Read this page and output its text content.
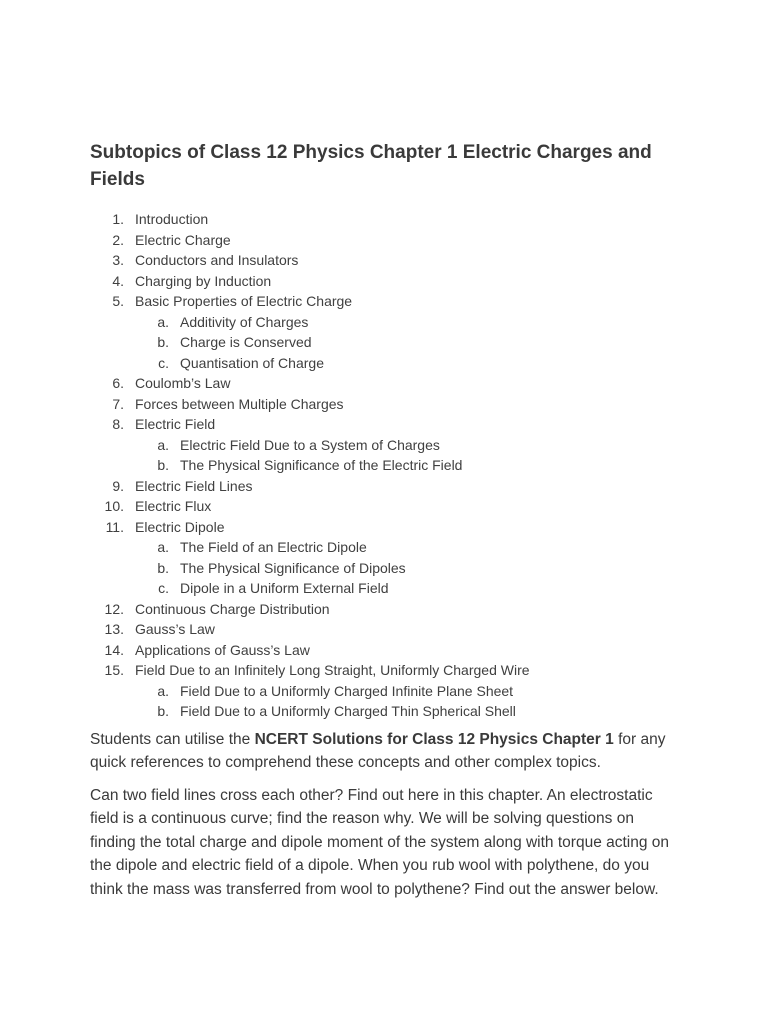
Subtopics of Class 12 Physics Chapter 1 Electric Charges and Fields
1. Introduction
2. Electric Charge
3. Conductors and Insulators
4. Charging by Induction
5. Basic Properties of Electric Charge
a. Additivity of Charges
b. Charge is Conserved
c. Quantisation of Charge
6. Coulomb’s Law
7. Forces between Multiple Charges
8. Electric Field
a. Electric Field Due to a System of Charges
b. The Physical Significance of the Electric Field
9. Electric Field Lines
10. Electric Flux
11. Electric Dipole
a. The Field of an Electric Dipole
b. The Physical Significance of Dipoles
c. Dipole in a Uniform External Field
12. Continuous Charge Distribution
13. Gauss’s Law
14. Applications of Gauss’s Law
15. Field Due to an Infinitely Long Straight, Uniformly Charged Wire
a. Field Due to a Uniformly Charged Infinite Plane Sheet
b. Field Due to a Uniformly Charged Thin Spherical Shell

Students can utilise the NCERT Solutions for Class 12 Physics Chapter 1 for any quick references to comprehend these concepts and other complex topics.

Can two field lines cross each other? Find out here in this chapter. An electrostatic field is a continuous curve; find the reason why. We will be solving questions on finding the total charge and dipole moment of the system along with torque acting on the dipole and electric field of a dipole. When you rub wool with polythene, do you think the mass was transferred from wool to polythene? Find out the answer below.
